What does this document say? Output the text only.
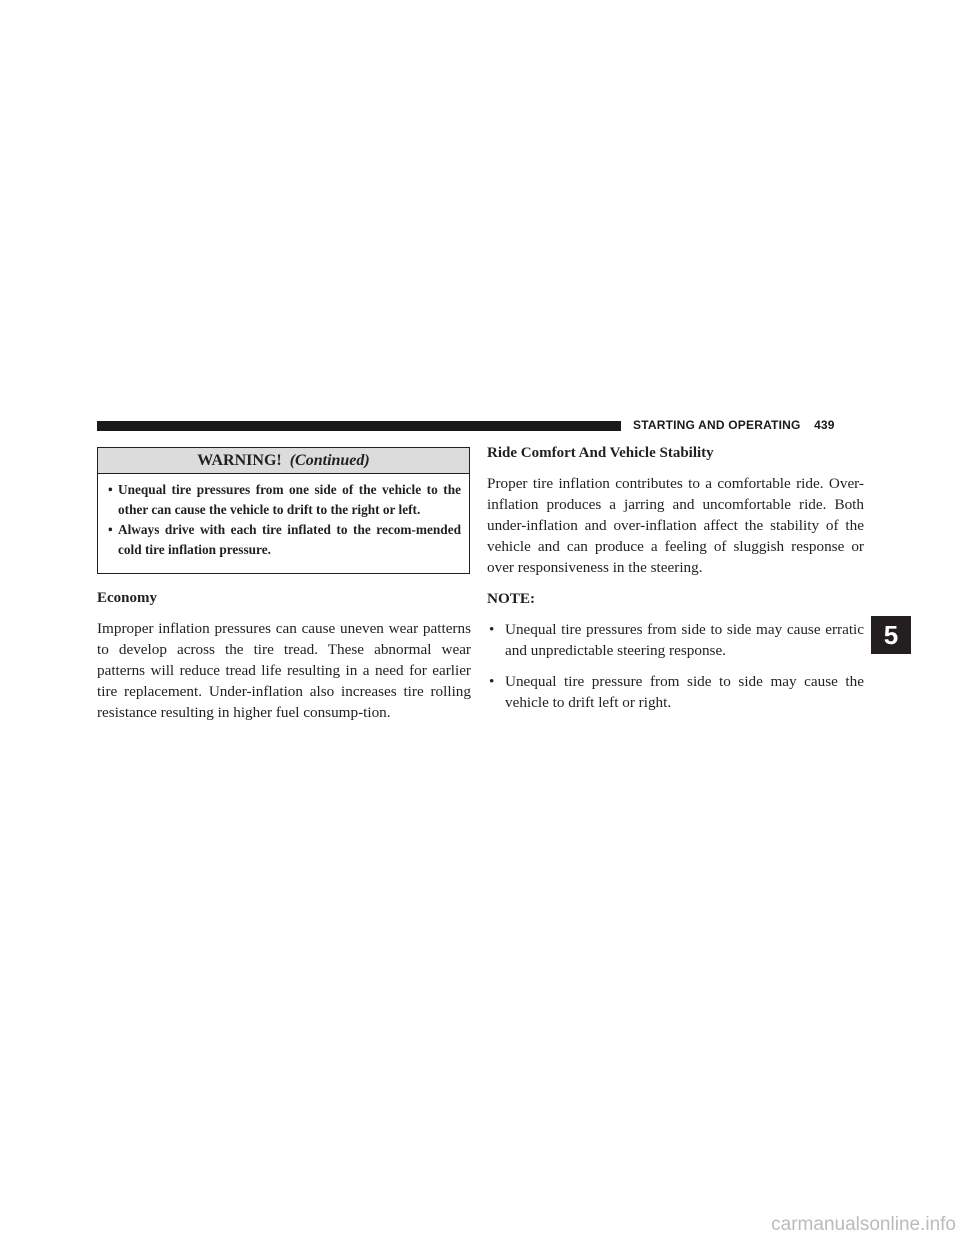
STARTING AND OPERATING 439
WARNING! (Continued)
• Unequal tire pressures from one side of the vehicle to the other can cause the vehicle to drift to the right or left.
• Always drive with each tire inflated to the recom-mended cold tire inflation pressure.
Economy

Improper inflation pressures can cause uneven wear patterns to develop across the tire tread. These abnormal wear patterns will reduce tread life resulting in a need for earlier tire replacement. Under-inflation also increases tire rolling resistance resulting in higher fuel consump-tion.

Ride Comfort And Vehicle Stability

Proper tire inflation contributes to a comfortable ride. Over-inflation produces a jarring and uncomfortable ride. Both under-inflation and over-inflation affect the stability of the vehicle and can produce a feeling of sluggish response or over responsiveness in the steering.

NOTE:
• Unequal tire pressures from side to side may cause erratic and unpredictable steering response.
• Unequal tire pressure from side to side may cause the vehicle to drift left or right.
5
carmanualsonline.info
